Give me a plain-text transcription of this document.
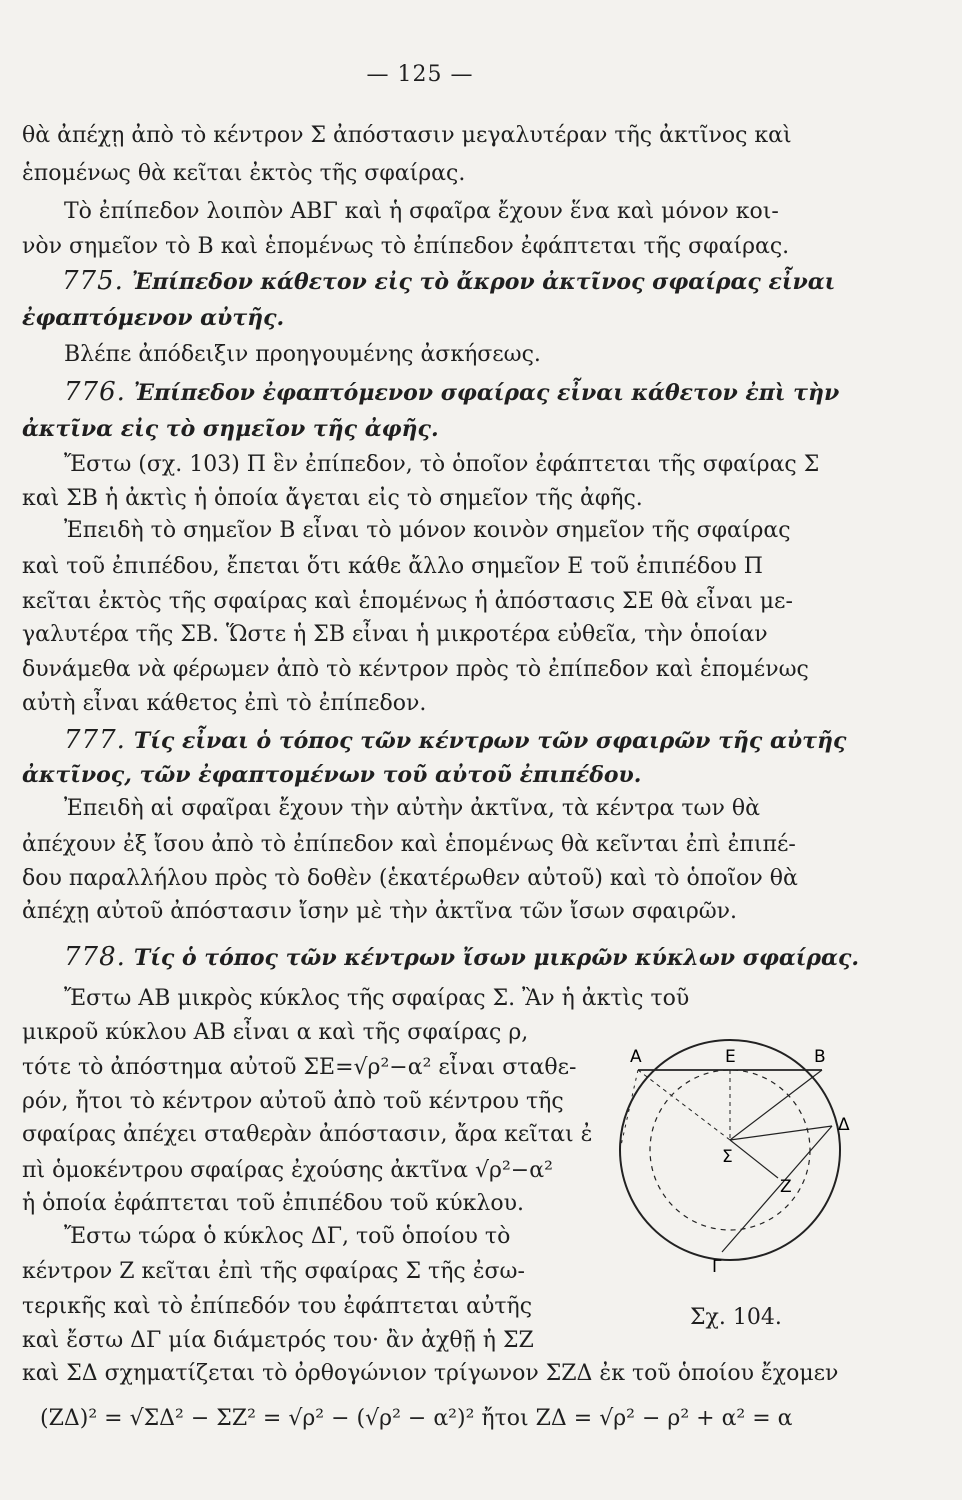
— 125 —
θὰ ἀπέχῃ ἀπὸ τὸ κέντρον Σ ἀπόστασιν μεγαλυτέραν τῆς ἀκτῖνος καὶ
ἑπομένως θὰ κεῖται ἐκτὸς τῆς σφαίρας.
Τὸ ἐπίπεδον λοιπὸν ΑΒΓ καὶ ἡ σφαῖρα ἔχουν ἕνα καὶ μόνον κοι-
νὸν σημεῖον τὸ Β καὶ ἑπομένως τὸ ἐπίπεδον ἐφάπτεται τῆς σφαίρας.
775. Ἐπίπεδον κάθετον εἰς τὸ ἄκρον ἀκτῖνος σφαίρας εἶναι
ἐφαπτόμενον αὐτῆς.
Βλέπε ἀπόδειξιν προηγουμένης ἀσκήσεως.
776. Ἐπίπεδον ἐφαπτόμενον σφαίρας εἶναι κάθετον ἐπὶ τὴν
ἀκτῖνα εἰς τὸ σημεῖον τῆς ἀφῆς.
Ἔστω (σχ. 103) Π ἓν ἐπίπεδον, τὸ ὁποῖον ἐφάπτεται τῆς σφαίρας Σ
καὶ ΣΒ ἡ ἀκτὶς ἡ ὁποία ἄγεται εἰς τὸ σημεῖον τῆς ἀφῆς.
Ἐπειδὴ τὸ σημεῖον Β εἶναι τὸ μόνον κοινὸν σημεῖον τῆς σφαίρας
καὶ τοῦ ἐπιπέδου, ἔπεται ὅτι κάθε ἄλλο σημεῖον Ε τοῦ ἐπιπέδου Π
κεῖται ἐκτὸς τῆς σφαίρας καὶ ἑπομένως ἡ ἀπόστασις ΣΕ θὰ εἶναι με-
γαλυτέρα τῆς ΣΒ. Ὥστε ἡ ΣΒ εἶναι ἡ μικροτέρα εὐθεῖα, τὴν ὁποίαν
δυνάμεθα νὰ φέρωμεν ἀπὸ τὸ κέντρον πρὸς τὸ ἐπίπεδον καὶ ἑπομένως
αὐτὴ εἶναι κάθετος ἐπὶ τὸ ἐπίπεδον.
777. Τίς εἶναι ὁ τόπος τῶν κέντρων τῶν σφαιρῶν τῆς αὐτῆς
ἀκτῖνος, τῶν ἐφαπτομένων τοῦ αὐτοῦ ἐπιπέδου.
Ἐπειδὴ αἱ σφαῖραι ἔχουν τὴν αὐτὴν ἀκτῖνα, τὰ κέντρα των θὰ
ἀπέχουν ἐξ ἴσου ἀπὸ τὸ ἐπίπεδον καὶ ἑπομένως θὰ κεῖνται ἐπὶ ἐπιπέ-
δου παραλλήλου πρὸς τὸ δοθὲν (ἑκατέρωθεν αὐτοῦ) καὶ τὸ ὁποῖον θὰ
ἀπέχῃ αὐτοῦ ἀπόστασιν ἴσην μὲ τὴν ἀκτῖνα τῶν ἴσων σφαιρῶν.
778. Τίς ὁ τόπος τῶν κέντρων ἴσων μικρῶν κύκλων σφαίρας.
Ἔστω ΑΒ μικρὸς κύκλος τῆς σφαίρας Σ. Ἂν ἡ ἀκτὶς τοῦ
μικροῦ κύκλου ΑΒ εἶναι α καὶ τῆς σφαίρας ρ,
τότε τὸ ἀπόστημα αὐτοῦ ΣΕ=√ρ²−α² εἶναι σταθε-
ρόν, ἤτοι τὸ κέντρον αὐτοῦ ἀπὸ τοῦ κέντρου τῆς
σφαίρας ἀπέχει σταθερὰν ἀπόστασιν, ἄρα κεῖται ἐ
πὶ ὁμοκέντρου σφαίρας ἐχούσης ἀκτῖνα √ρ²−α²
ἡ ὁποία ἐφάπτεται τοῦ ἐπιπέδου τοῦ κύκλου.
Ἔστω τώρα ὁ κύκλος ΔΓ, τοῦ ὁποίου τὸ
κέντρον Ζ κεῖται ἐπὶ τῆς σφαίρας Σ τῆς ἐσω-
τερικῆς καὶ τὸ ἐπίπεδόν του ἐφάπτεται αὐτῆς
καὶ ἔστω ΔΓ μία διάμετρός του· ἂν ἀχθῇ ἡ ΣΖ
καὶ ΣΔ σχηματίζεται τὸ ὀρθογώνιον τρίγωνον ΣΖΔ ἐκ τοῦ ὁποίου ἔχομεν
(ΖΔ)² = √ΣΔ² − ΣΖ² = √ρ² − (√ρ² − α²)² ἤτοι ΖΔ = √ρ² − ρ² + α² = α
Α	Ε	Β
Σ
Δ
Ζ
Γ
Σχ. 104.
